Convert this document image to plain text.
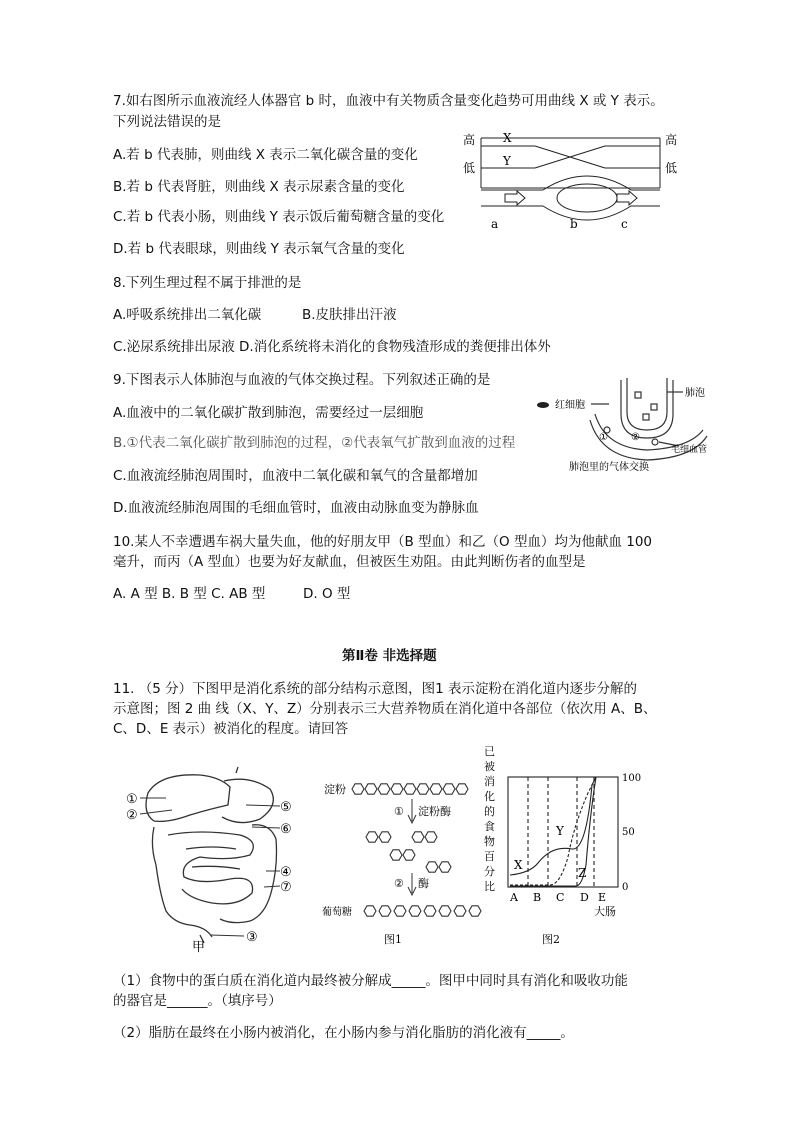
7.如右图所示血液流经人体器官 b 时，血液中有关物质含量变化趋势可用曲线 X 或 Y 表示。
下列说法错误的是
A.若 b 代表肺，则曲线 X 表示二氧化碳含量的变化
B.若 b 代表肾脏，则曲线 X 表示尿素含量的变化
C.若 b 代表小肠，则曲线 Y 表示饭后葡萄糖含量的变化
D.若 b 代表眼球，则曲线 Y 表示氧气含量的变化
高
低
高
低
X
Y
a	b	c
8.下列生理过程不属于排泄的是
A.呼吸系统排出二氧化碳	B.皮肤排出汗液
C.泌尿系统排出尿液 D.消化系统将未消化的食物残渣形成的粪便排出体外
9.下图表示人体肺泡与血液的气体交换过程。下列叙述正确的是
A.血液中的二氧化碳扩散到肺泡，需要经过一层细胞
B.①代表二氧化碳扩散到肺泡的过程，②代表氧气扩散到血液的过程
C.血液流经肺泡周围时，血液中二氧化碳和氧气的含量都增加
D.血液流经肺泡周围的毛细血管时，血液由动脉血变为静脉血
红细胞
肺泡
毛细血管
① ②
肺泡里的气体交换
10.某人不幸遭遇车祸大量失血，他的好朋友甲（B 型血）和乙（O 型血）均为他献血 100
毫升，而丙（A 型血）也要为好友献血，但被医生劝阻。由此判断伤者的血型是
A. A 型 B. B 型 C. AB 型	D. O 型
第Ⅱ卷 非选择题
11. （5 分）下图甲是消化系统的部分结构示意图，图1 表示淀粉在消化道内逐步分解的
示意图；图 2 曲 线（X、Y、Z）分别表示三大营养物质在消化道中各部位（依次用 A、B、
C、D、E 表示）被消化的程度。请回答
①
②
⑤
⑥
④
⑦
③
甲
淀粉
① 淀粉酶
② 酶
葡萄糖
图1
已被消化的食物百分比
100
50
0
X
Y
Z
A B C D E
大肠
图2
（1）食物中的蛋白质在消化道内最终被分解成_____。图甲中同时具有消化和吸收功能
的器官是______。（填序号）
（2）脂肪在最终在小肠内被消化，在小肠内参与消化脂肪的消化液有_____。
